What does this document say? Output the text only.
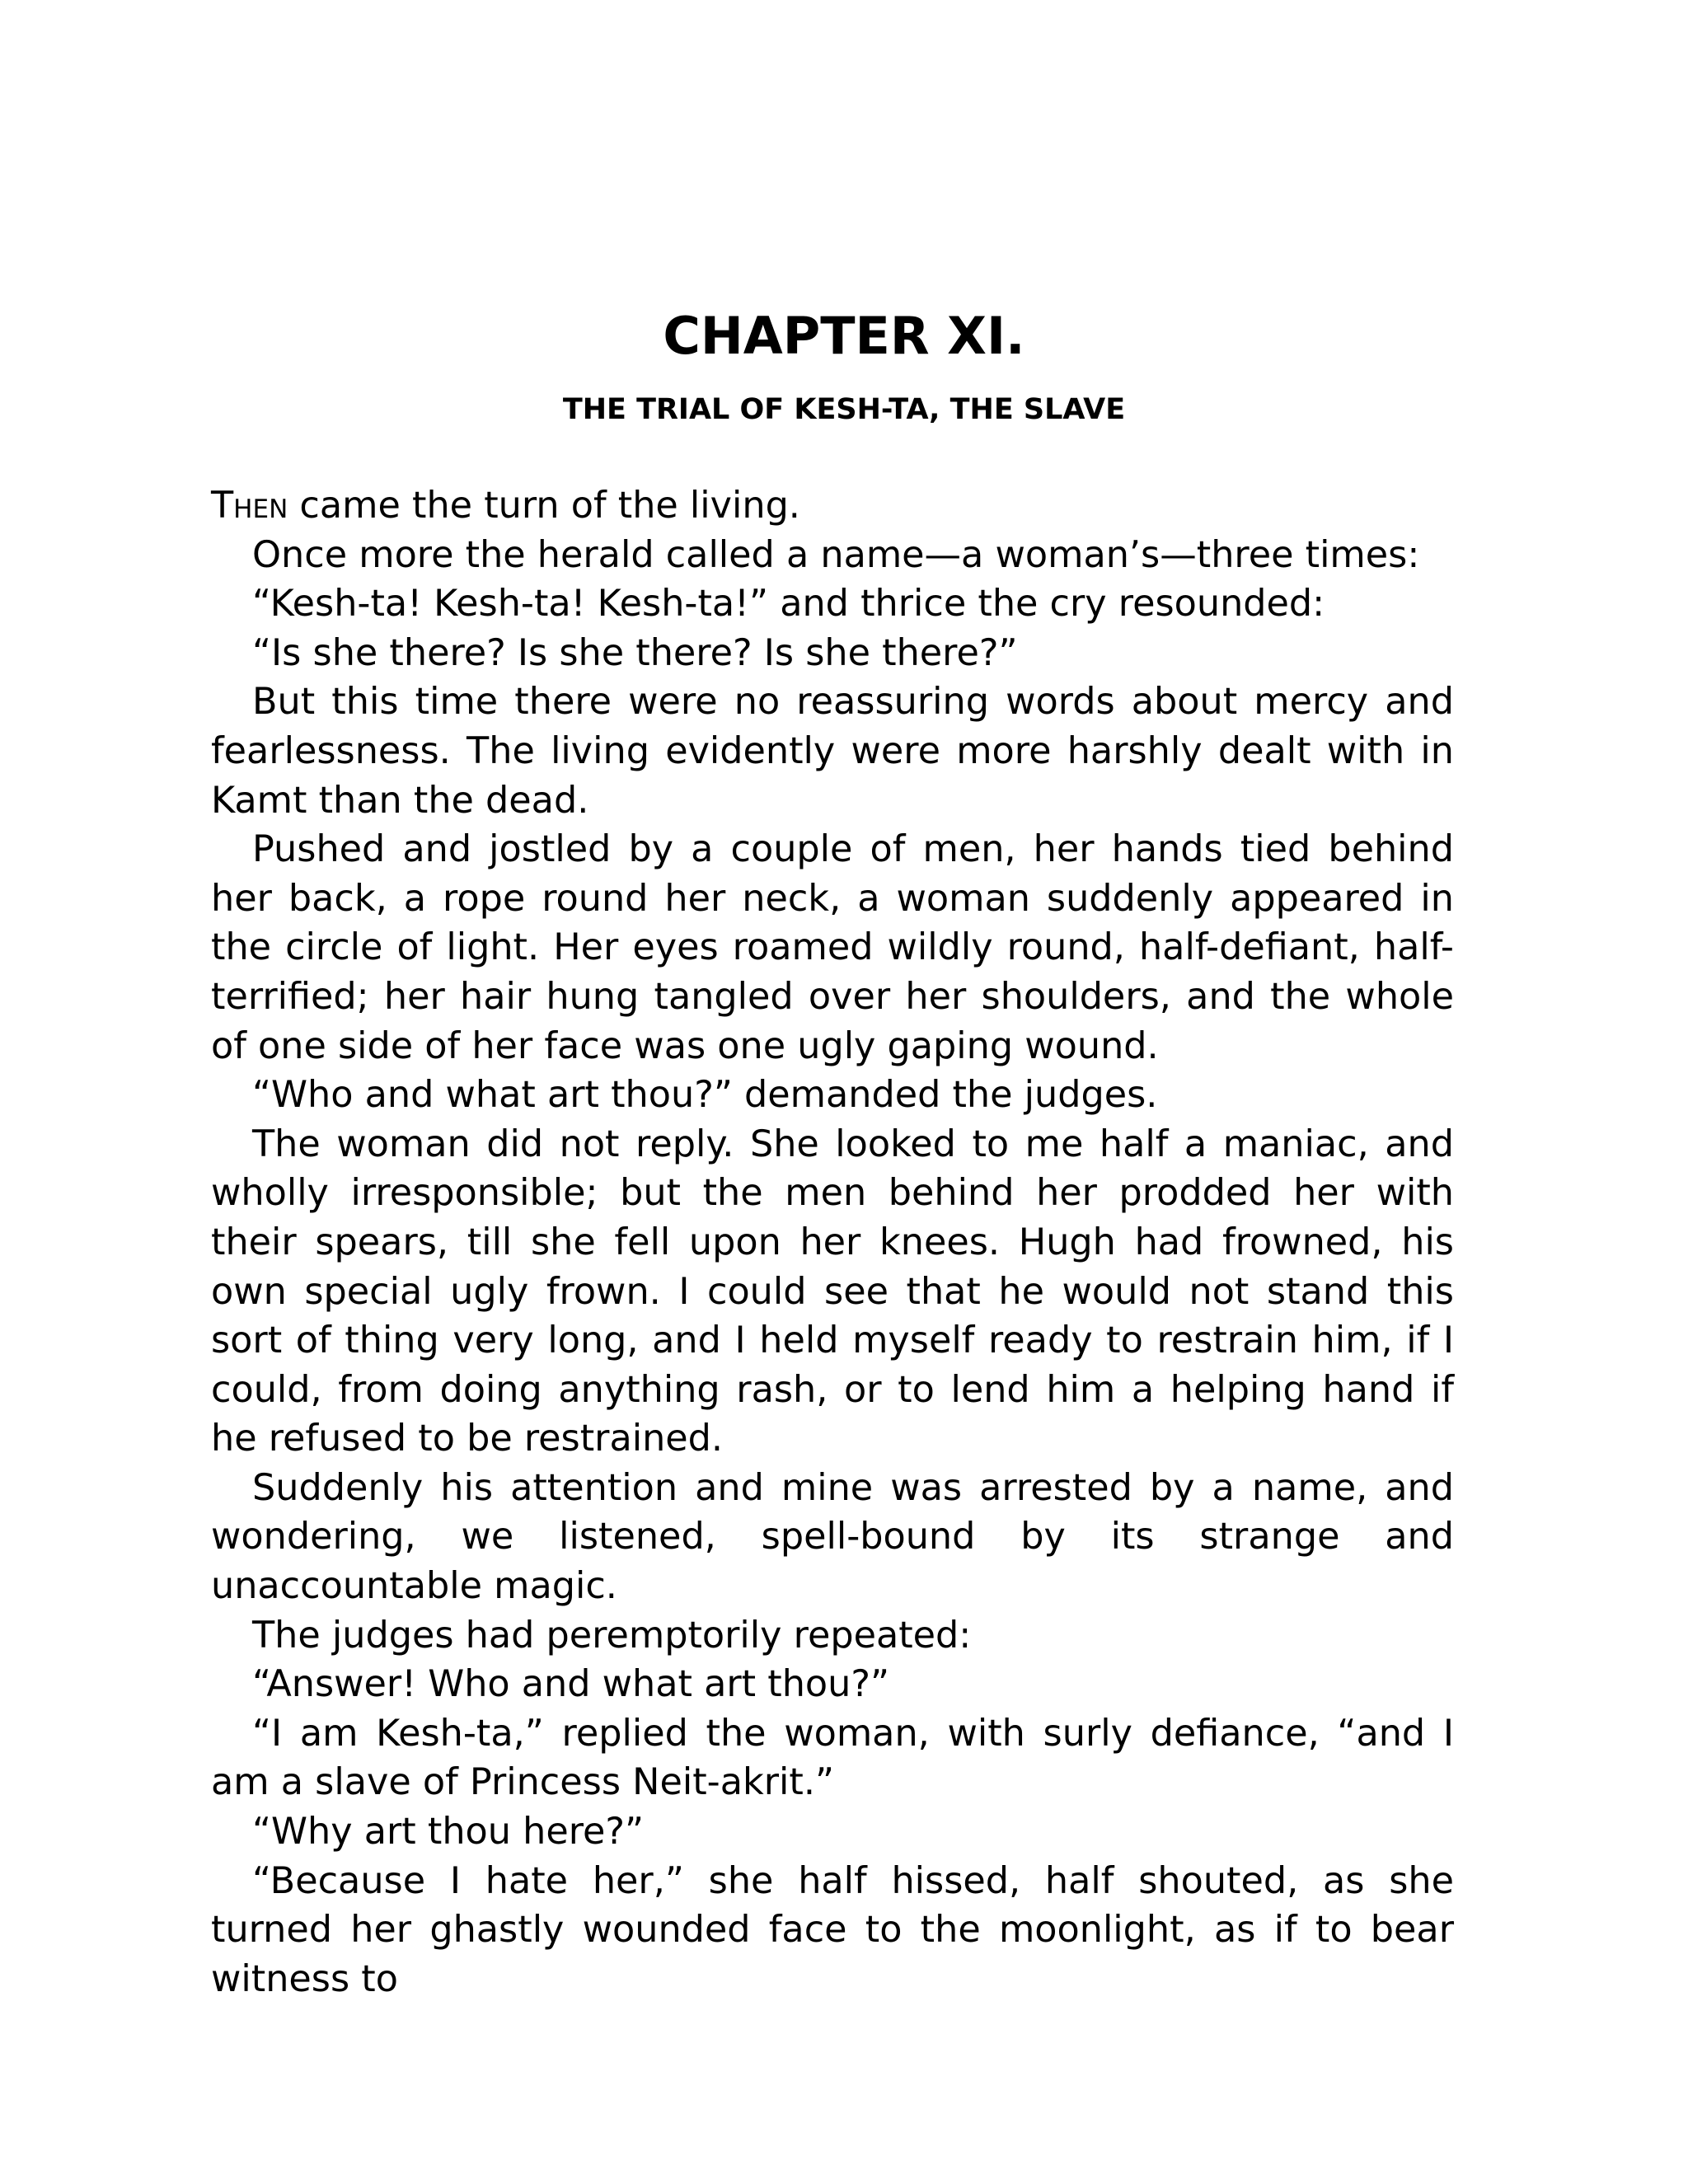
CHAPTER XI.
THE TRIAL OF KESH-TA, THE SLAVE

Then came the turn of the living.

Once more the herald called a name—a woman’s—three times:

“Kesh-ta! Kesh-ta! Kesh-ta!” and thrice the cry resounded:

“Is she there? Is she there? Is she there?”

But this time there were no reassuring words about mercy and fearlessness. The living evidently were more harshly dealt with in Kamt than the dead.

Pushed and jostled by a couple of men, her hands tied behind her back, a rope round her neck, a woman suddenly appeared in the circle of light. Her eyes roamed wildly round, half-defiant, half-terrified; her hair hung tangled over her shoulders, and the whole of one side of her face was one ugly gaping wound.

“Who and what art thou?” demanded the judges.

The woman did not reply. She looked to me half a maniac, and wholly irresponsible; but the men behind her prodded her with their spears, till she fell upon her knees. Hugh had frowned, his own special ugly frown. I could see that he would not stand this sort of thing very long, and I held myself ready to restrain him, if I could, from doing anything rash, or to lend him a helping hand if he refused to be restrained.

Suddenly his attention and mine was arrested by a name, and wondering, we listened, spell-bound by its strange and unaccountable magic.

The judges had peremptorily repeated:

“Answer! Who and what art thou?”

“I am Kesh-ta,” replied the woman, with surly defiance, “and I am a slave of Princess Neit-akrit.”

“Why art thou here?”

“Because I hate her,” she half hissed, half shouted, as she turned her ghastly wounded face to the moonlight, as if to bear witness to
